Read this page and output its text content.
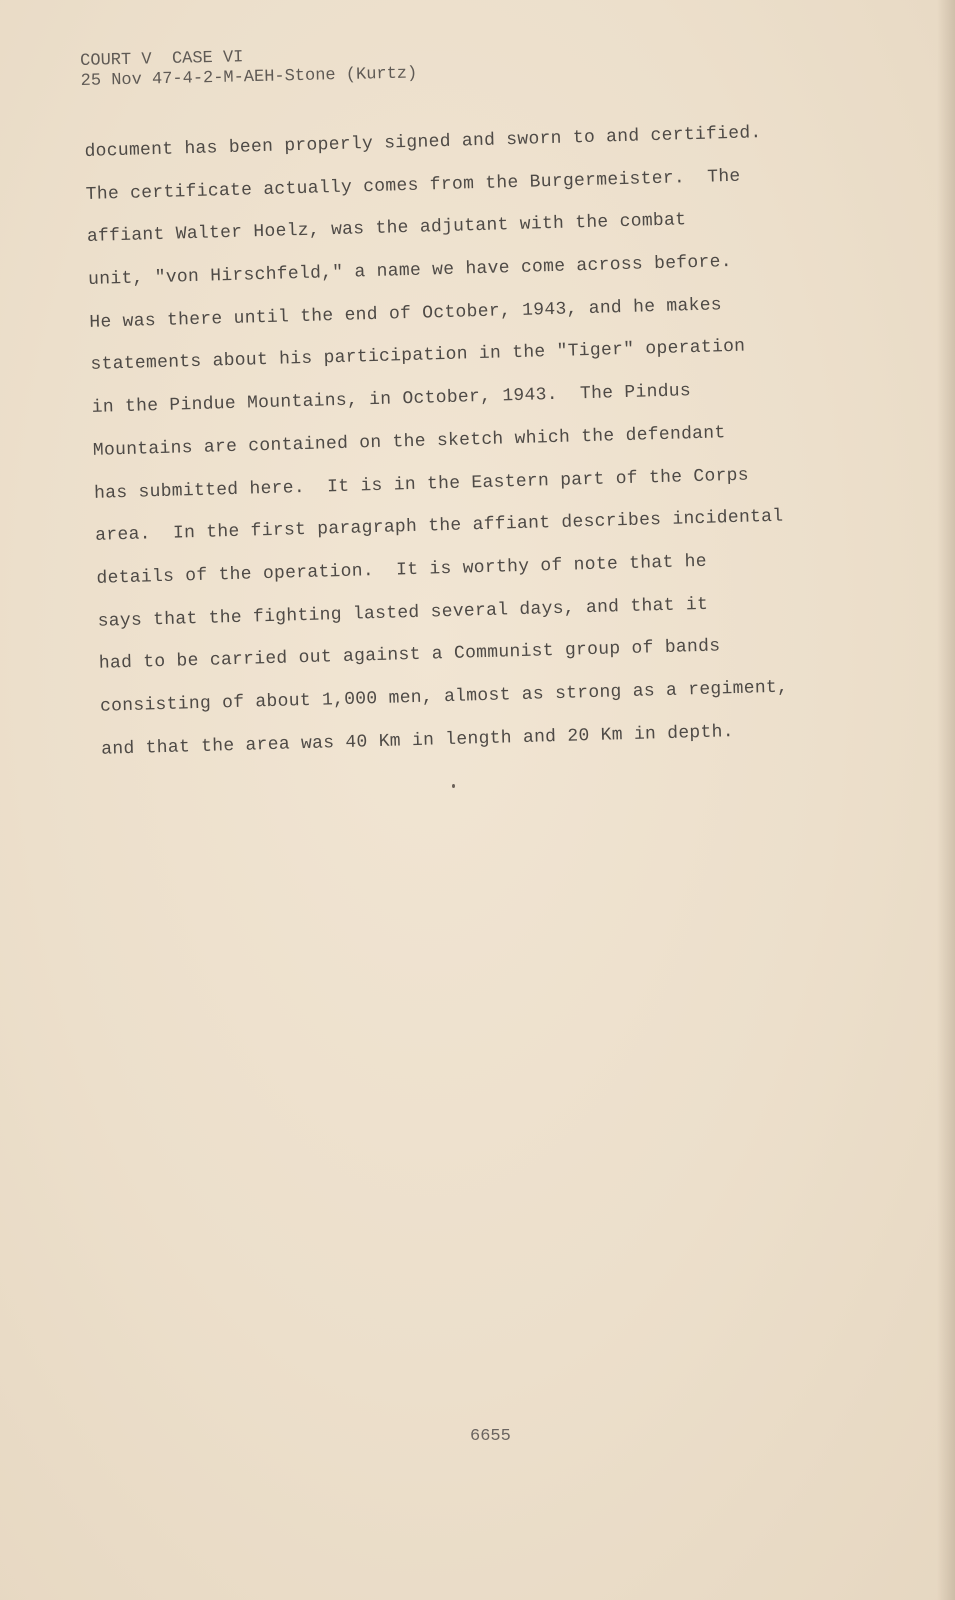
COURT V  CASE VI
25 Nov 47-4-2-M-AEH-Stone (Kurtz)
document has been properly signed and sworn to and certified.
The certificate actually comes from the Burgermeister.  The
affiant Walter Hoelz, was the adjutant with the combat
unit, "von Hirschfeld," a name we have come across before.
He was there until the end of October, 1943, and he makes
statements about his participation in the "Tiger" operation
in the Pindue Mountains, in October, 1943.  The Pindus
Mountains are contained on the sketch which the defendant
has submitted here.  It is in the Eastern part of the Corps
area.  In the first paragraph the affiant describes incidental
details of the operation.  It is worthy of note that he
says that the fighting lasted several days, and that it
had to be carried out against a Communist group of bands
consisting of about 1,000 men, almost as strong as a regiment,
and that the area was 40 Km in length and 20 Km in depth.
6655
